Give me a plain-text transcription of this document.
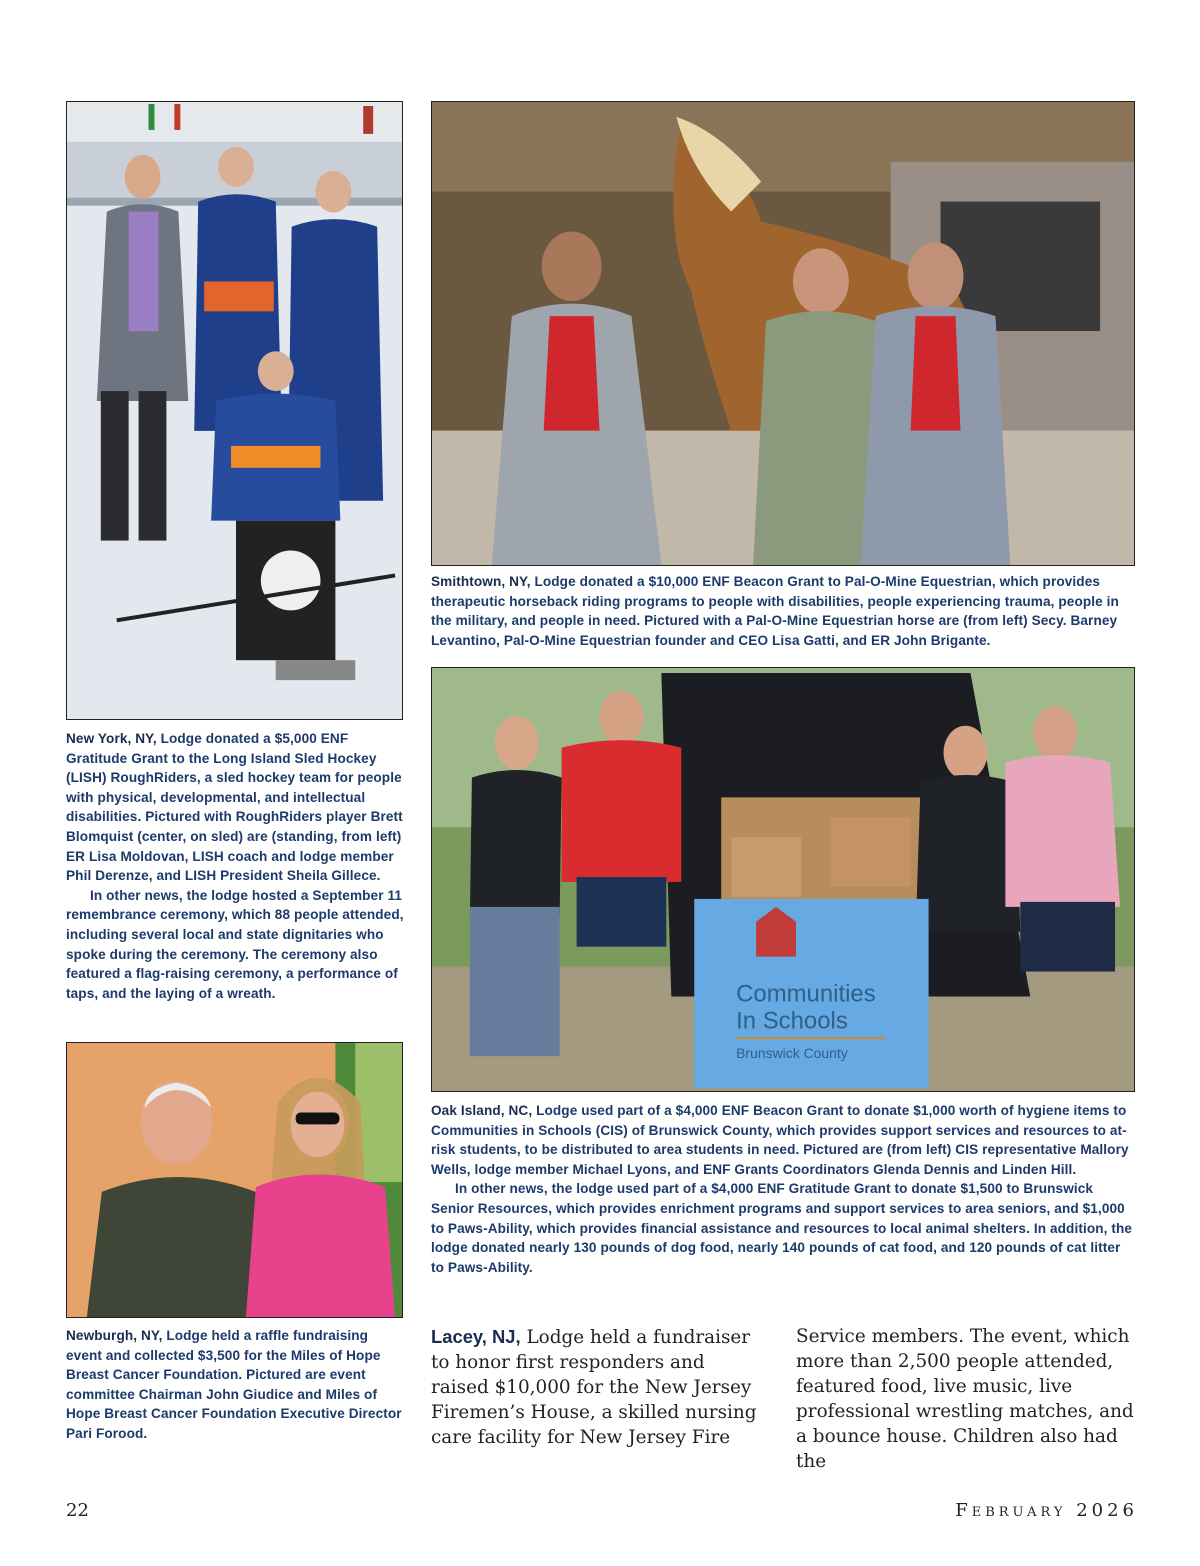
Smithtown, NY, Lodge donated a $10,000 ENF Beacon Grant to Pal-O-Mine Equestrian, which provides therapeutic horseback riding programs to people with disabilities, people experiencing trauma, people in the military, and people in need. Pictured with a Pal-O-Mine Equestrian horse are (from left) Secy. Barney Levantino, Pal-O-Mine Equestrian founder and CEO Lisa Gatti, and ER John Brigante.

New York, NY, Lodge donated a $5,000 ENF Gratitude Grant to the Long Island Sled Hockey (LISH) RoughRiders, a sled hockey team for people with physical, developmental, and intellectual disabilities. Pictured with RoughRiders player Brett Blomquist (center, on sled) are (standing, from left) ER Lisa Moldovan, LISH coach and lodge member Phil Derenze, and LISH President Sheila Gillece.

In other news, the lodge hosted a September 11 remembrance ceremony, which 88 people attended, including several local and state dignitaries who spoke during the ceremony. The ceremony also featured a flag-raising ceremony, a performance of taps, and the laying of a wreath.	Communities
In Schools
Brunswick County

Oak Island, NC, Lodge used part of a $4,000 ENF Beacon Grant to donate $1,000 worth of hygiene items to Communities in Schools (CIS) of Brunswick County, which provides support services and resources to at-risk students, to be distributed to area students in need. Pictured are (from left) CIS representative Mallory Wells, lodge member Michael Lyons, and ENF Grants Coordinators Glenda Dennis and Linden Hill.

In other news, the lodge used part of a $4,000 ENF Gratitude Grant to donate $1,500 to Brunswick Senior Resources, which provides enrichment programs and support services to area seniors, and $1,000 to Paws-Ability, which provides financial assistance and resources to local animal shelters. In addition, the lodge donated nearly 130 pounds of dog food, nearly 140 pounds of cat food, and 120 pounds of cat litter to Paws-Ability.

Newburgh, NY, Lodge held a raffle fundraising event and collected $3,500 for the Miles of Hope Breast Cancer Foundation. Pictured are event committee Chairman John Giudice and Miles of Hope Breast Cancer Foundation Executive Director Pari Forood.

Lacey, NJ, Lodge held a fundraiser to honor first responders and raised $10,000 for the New Jersey Firemen’s House, a skilled nursing care facility for New Jersey Fire
Service members. The event, which more than 2,500 people attended, featured food, live music, live professional wrestling matches, and a bounce house. Children also had the
22	February 2026
